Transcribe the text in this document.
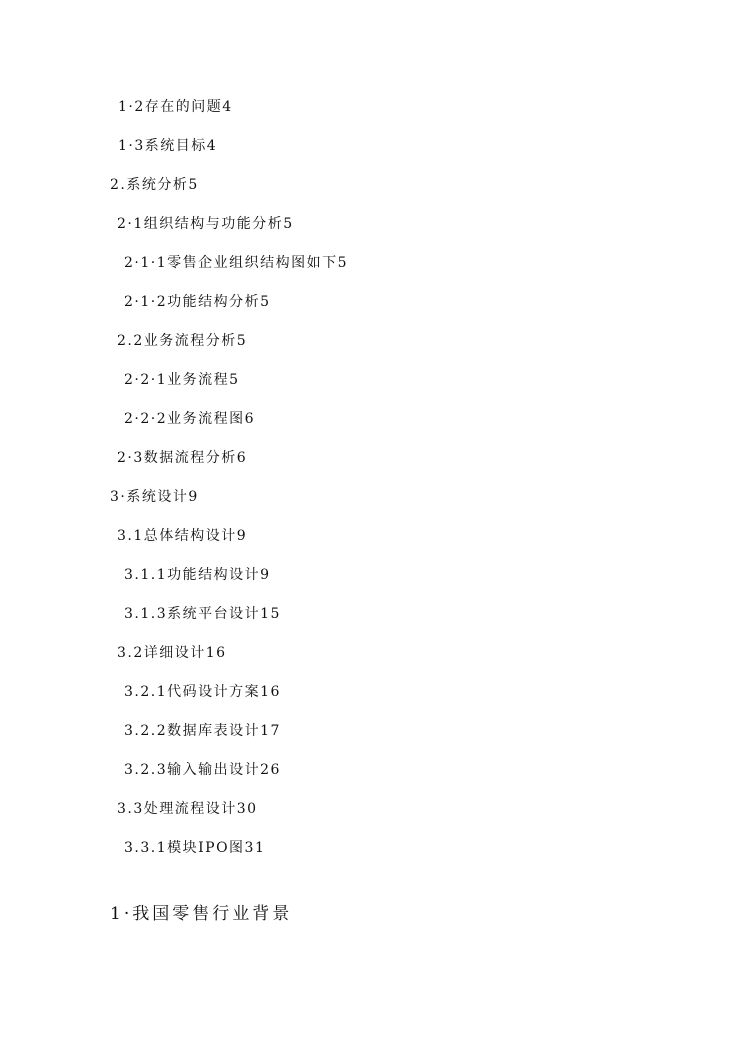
1·2存在的问题4
1·3系统目标4
2.系统分析5
2·1组织结构与功能分析5
2·1·1零售企业组织结构图如下5
2·1·2功能结构分析5
2.2业务流程分析5
2·2·1业务流程5
2·2·2业务流程图6
2·3数据流程分析6
3·系统设计9
3.1总体结构设计9
3.1.1功能结构设计9
3.1.3系统平台设计15
3.2详细设计16
3.2.1代码设计方案16
3.2.2数据库表设计17
3.2.3输入输出设计26
3.3处理流程设计30
3.3.1模块IPO图31
1·我国零售行业背景
